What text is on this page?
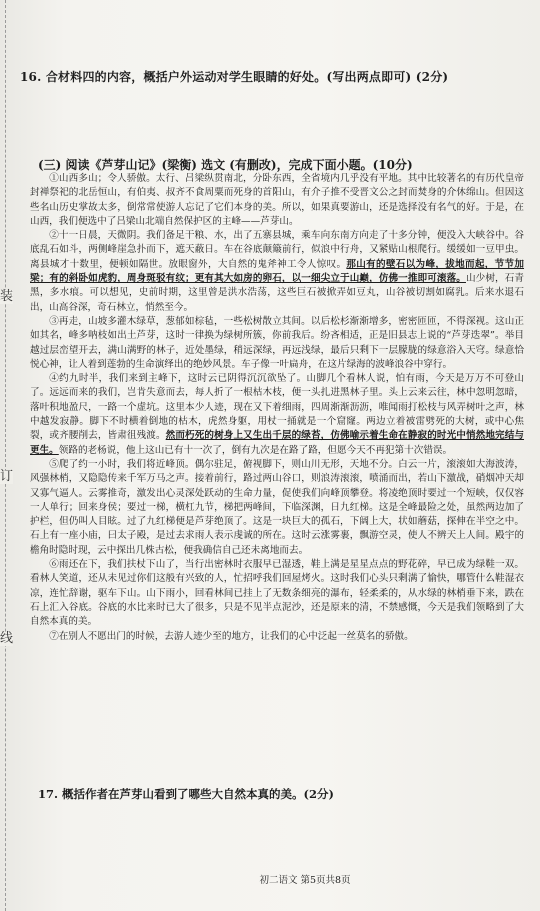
装
订
线
16. 合材料四的内容，概括户外运动对学生眼睛的好处。(写出两点即可) (2分)
(三) 阅读《芦芽山记》(梁衡) 选文 (有删改)，完成下面小题。(10分)

①山西多山；令人骄傲。太行、吕梁纵贯南北，分卧东西，全省境内几乎没有平地。其中比较著名的有历代皇帝封禅祭祀的北岳恒山，有伯夷、叔齐不食周粟而死身的首阳山，有介子推不受晋文公之封而焚身的介休绵山。但因这些名山历史掌故太多，倒常常使游人忘记了它们本身的美。所以，如果真要游山，还是选择没有名气的好。于是，在山西，我们便选中了吕梁山北端自然保护区的主峰——芦芽山。

②十一日晨，天微阴。我们备足干粮、水，出了五寨县城，乘车向东南方向走了十多分钟，便没入大峡谷中。谷底乱石如斗，两侧峰崖急扑而下，遮天蔽日。车在谷底颠簸前行，似浪中行舟，又紧贴山根爬行。缓缓如一豆甲虫。离县城才十数里，便顿如隔世。放眼窗外，大自然的鬼斧神工令人惊叹。那山有的壁石以为峰，拔地而起，节节加梁；有的斜卧如虎豹，周身斑驳有纹；更有其大如房的卵石，以一细尖立于山巅，仿佛一推即可滚落。山少树，石青黑，多水痕。可以想见，史前时期，这里曾是洪水浩荡，这些巨石被掀弄如豆丸，山谷被切割如腐乳。后来水退石出，山高谷深，奇石林立，悄然至今。

③再走，山坡多灌木绿草，葱郁如棕毡，一些松树散立其间。以后松杉渐渐增多，密密匝匝，不得深视。这山正如其名，峰多呐枝如出土芦芽，这时一律换为绿树所簇，你前我后。纷吝相适，正是旧县志上说的“芦芽迭翠”。举目越过层峦望开去，满山满野的林子，近处墨绿，稍远深绿，再远浅绿，最后只剩下一层朦胧的绿意浴入天穹。绿意恰悦心神，让人着到莲勃的生命演绎出的绝妙风景。车子像一叶扁舟，在这片绿海的波峰浪谷中穿行。

④约九时半，我们来到主峰下，这时云已阴得沉沉欲坠了。山脚几个看林人说，怕有雨，今天是万万不可登山了。远远而来的我们，岂肯失意而去，每人折了一根枯木枝，便一头扎进黑林子里。头上云来云往，林中忽明忽暗，落叶积地盈尺，一路一个虚坑。这里本少人迹，现在又下着细雨，四周渐渐沥沥，唯闻雨打松枝与风弄树叶之声，林中越发寂静。脚下不时横着倒地的枯木，虎然身躯，用杖一捅就是一个窟窿。两边立着被雷劈死的大树，或中心焦裂，或齐腰削去，皆肃徂残渡。然而朽死的树身上又生出千层的绿苔，仿佛喻示着生命在静寂的时光中悄然地完结与更生。领路的老杨说，他上这山已有十一次了，倒有九次是在路了路，但愿今天不再犯第十次错误。

⑤爬了约一小时，我们将近峰顶。偶尔驻足，俯视脚下，则山川无形，天地不分。白云一片，滚滚如大海波涛，风强林梢，又隐隐传来千军万马之声。接着前行，路过两山谷口，则浪涛滚滚，喷涌而出，若山下激战，硝烟冲天却又寡气逼人。云雾推奇，激发出心灵深处跃动的生命力量，促使我们向峰顶攀登。将凌绝顶时要过一个短峡，仅仅容一人单行；回来身侯；要过一梯，横杠九节，梯把两峰间，下临深渊，日九红梯。这是全峰最险之处，虽然两边加了护栏，但仍叫人目眩。过了九红梯便是芦芽绝顶了。这是一块巨大的孤石，下阔上大，状如蘑菇，探伸在半空之中。石上有一座小庙，曰太子殿，是过去求雨人表示虔诚的所在。这时云涨雾裹，飘游空灵，使人不辨天上人间。殿宇的檐角时隐时现，云中探出几株古松，便我确信自己还未离地而去。

⑥雨还在下，我们扶杖下山了，当行出密林时衣服早已湿透，鞋上满是星星点点的野花碎，早已成为绿鞋一双。看林人笑道，还从未见过你们这般有兴致的人，忙招呼我们回屋烤火。这时我们心头只剩满了愉快，哪管什么鞋湿衣凉，连忙辞谢，驱车下山。山下雨小，回看林间已挂上了无数条细亮的瀑布，轻柔柔的，从水绿的林梢垂下来，跌在石上汇入谷底。谷底的水比来时已大了很多，只是不见半点泥沙，还是原来的清，不禁感慨，今天是我们领略到了大自然本真的美。

⑦在别人不愿出门的时候，去游人迹少至的地方，让我们的心中泛起一丝莫名的骄傲。

17. 概括作者在芦芽山看到了哪些大自然本真的美。(2分)
初二语文 第5页共8页
